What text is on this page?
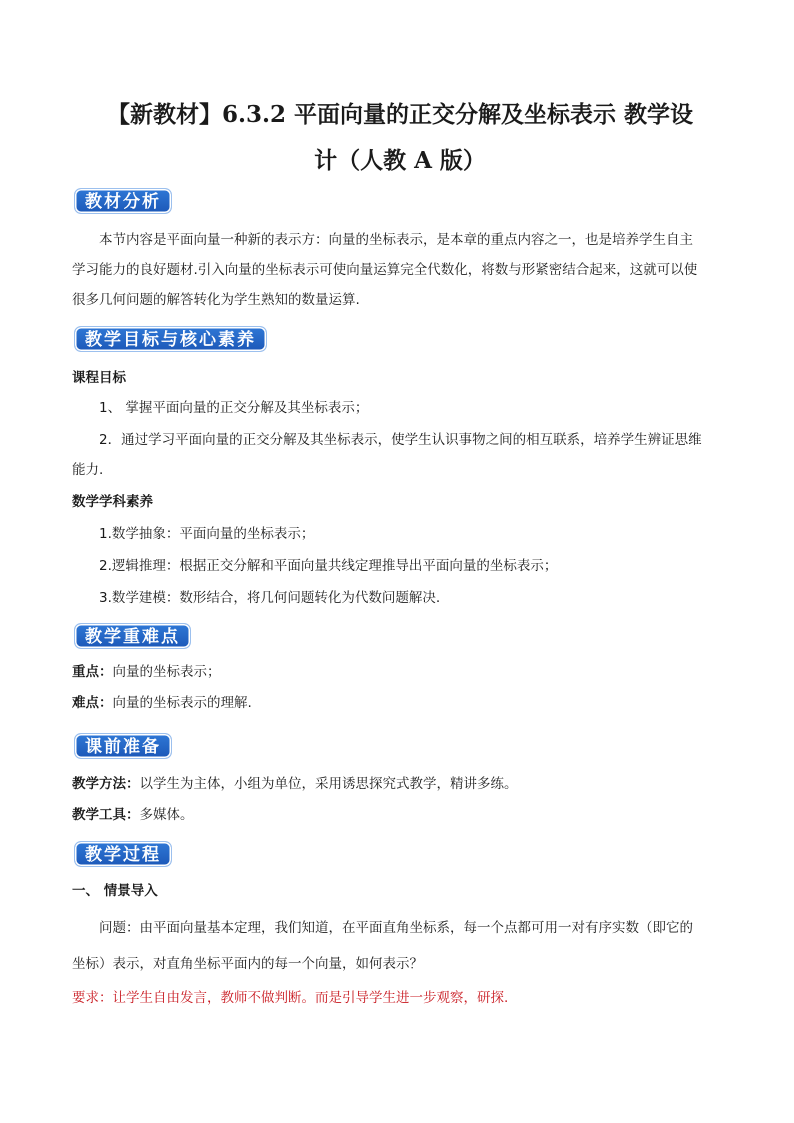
【新教材】6.3.2 平面向量的正交分解及坐标表示 教学设
计（人教 A 版）
教材分析
本节内容是平面向量一种新的表示方：向量的坐标表示，是本章的重点内容之一，也是培养学生自主
学习能力的良好题材.引入向量的坐标表示可使向量运算完全代数化，将数与形紧密结合起来，这就可以使
很多几何问题的解答转化为学生熟知的数量运算.
教学目标与核心素养
课程目标
1、 掌握平面向量的正交分解及其坐标表示；
2．通过学习平面向量的正交分解及其坐标表示，使学生认识事物之间的相互联系，培养学生辨证思维
能力.
数学学科素养
1.数学抽象：平面向量的坐标表示；
2.逻辑推理：根据正交分解和平面向量共线定理推导出平面向量的坐标表示；
3.数学建模：数形结合，将几何问题转化为代数问题解决.
教学重难点
重点：向量的坐标表示；
难点：向量的坐标表示的理解.
课前准备
教学方法：以学生为主体，小组为单位，采用诱思探究式教学，精讲多练。
教学工具：多媒体。
教学过程
一、 情景导入
问题：由平面向量基本定理，我们知道，在平面直角坐标系，每一个点都可用一对有序实数（即它的
坐标）表示，对直角坐标平面内的每一个向量，如何表示？
要求：让学生自由发言，教师不做判断。而是引导学生进一步观察，研探.
